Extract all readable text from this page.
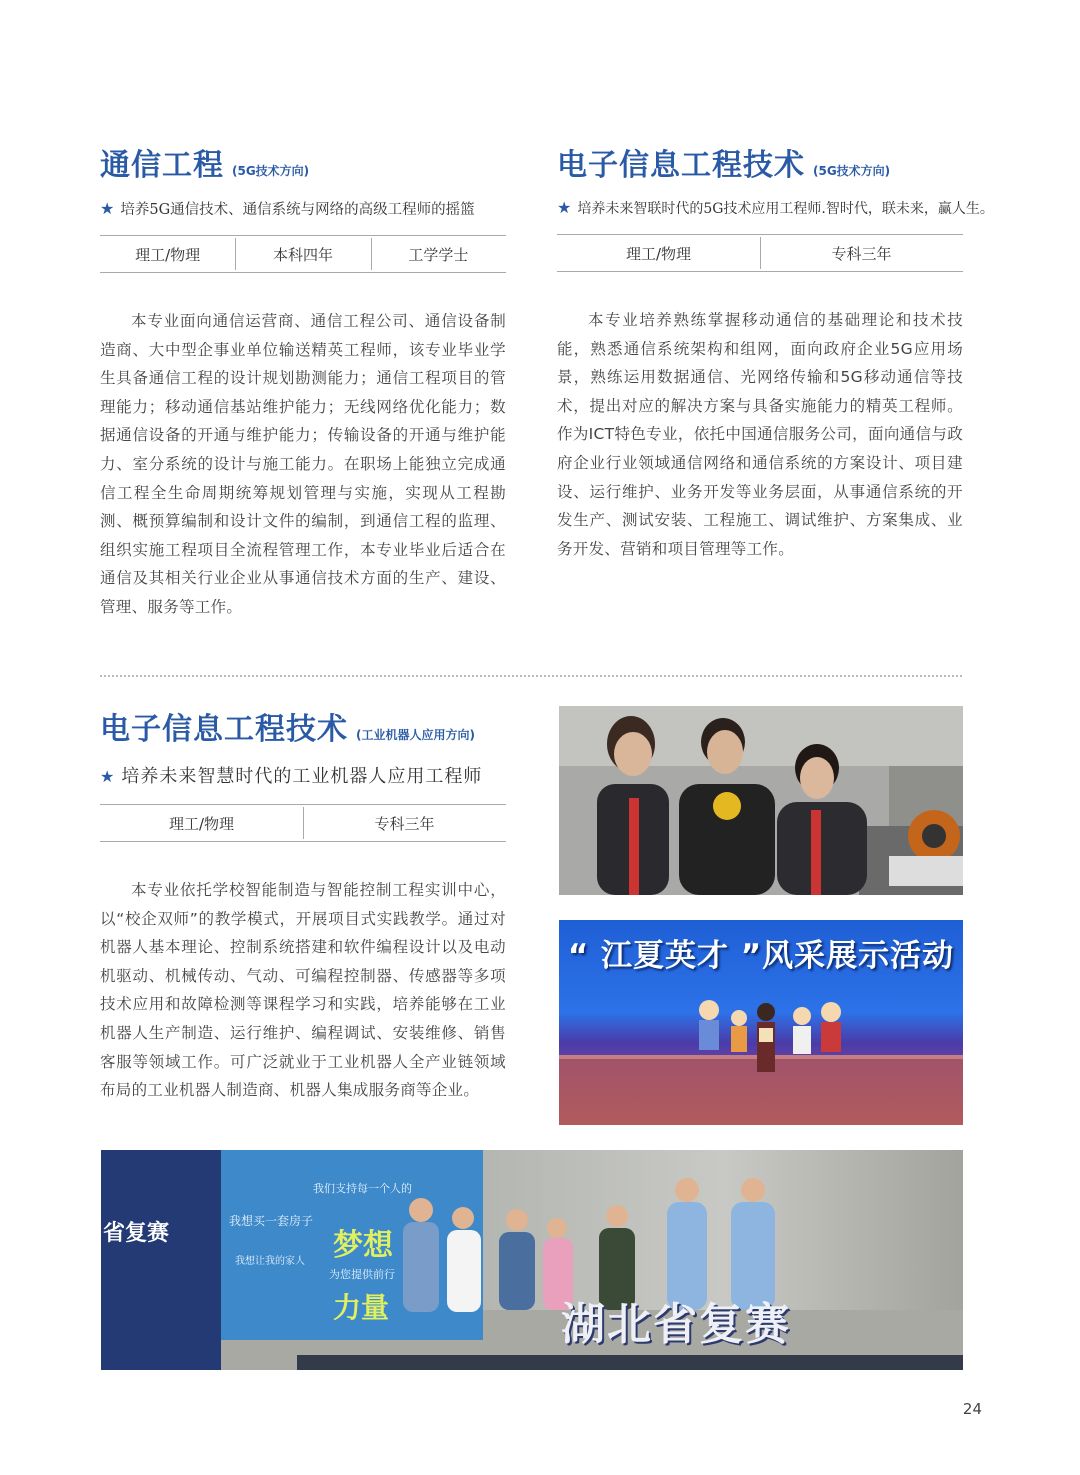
通信工程 (5G技术方向)
★ 培养5G通信技术、通信系统与网络的高级工程师的摇篮
理工/物理	本科四年	工学学士

本专业面向通信运营商、通信工程公司、通信设备制造商、大中型企事业单位输送精英工程师，该专业毕业学生具备通信工程的设计规划勘测能力；通信工程项目的管理能力；移动通信基站维护能力；无线网络优化能力；数据通信设备的开通与维护能力；传输设备的开通与维护能力、室分系统的设计与施工能力。在职场上能独立完成通信工程全生命周期统筹规划管理与实施，实现从工程勘测、概预算编制和设计文件的编制，到通信工程的监理、组织实施工程项目全流程管理工作，本专业毕业后适合在通信及其相关行业企业从事通信技术方面的生产、建设、管理、服务等工作。

电子信息工程技术 (5G技术方向)
★ 培养未来智联时代的5G技术应用工程师.智时代，联未来，赢人生。
理工/物理	专科三年

本专业培养熟练掌握移动通信的基础理论和技术技能，熟悉通信系统架构和组网，面向政府企业5G应用场景，熟练运用数据通信、光网络传输和5G移动通信等技术，提出对应的解决方案与具备实施能力的精英工程师。作为ICT特色专业，依托中国通信服务公司，面向通信与政府企业行业领域通信网络和通信系统的方案设计、项目建设、运行维护、业务开发等业务层面，从事通信系统的开发生产、测试安装、工程施工、调试维护、方案集成、业务开发、营销和项目管理等工作。

电子信息工程技术 (工业机器人应用方向)
★ 培养未来智慧时代的工业机器人应用工程师
理工/物理	专科三年

本专业依托学校智能制造与智能控制工程实训中心，以“校企双师”的教学模式，开展项目式实践教学。通过对机器人基本理论、控制系统搭建和软件编程设计以及电动机驱动、机械传动、气动、可编程控制器、传感器等多项技术应用和故障检测等课程学习和实践，培养能够在工业机器人生产制造、运行维护、编程调试、安装维修、销售客服等领域工作。可广泛就业于工业机器人全产业链领域布局的工业机器人制造商、机器人集成服务商等企业。

“ 江夏英才 ”风采展示活动
省复赛
我们支持每一个人的
梦想
为您提供前行
力量
我想买一套房子
我想让我的家人
湖北省复赛
24
